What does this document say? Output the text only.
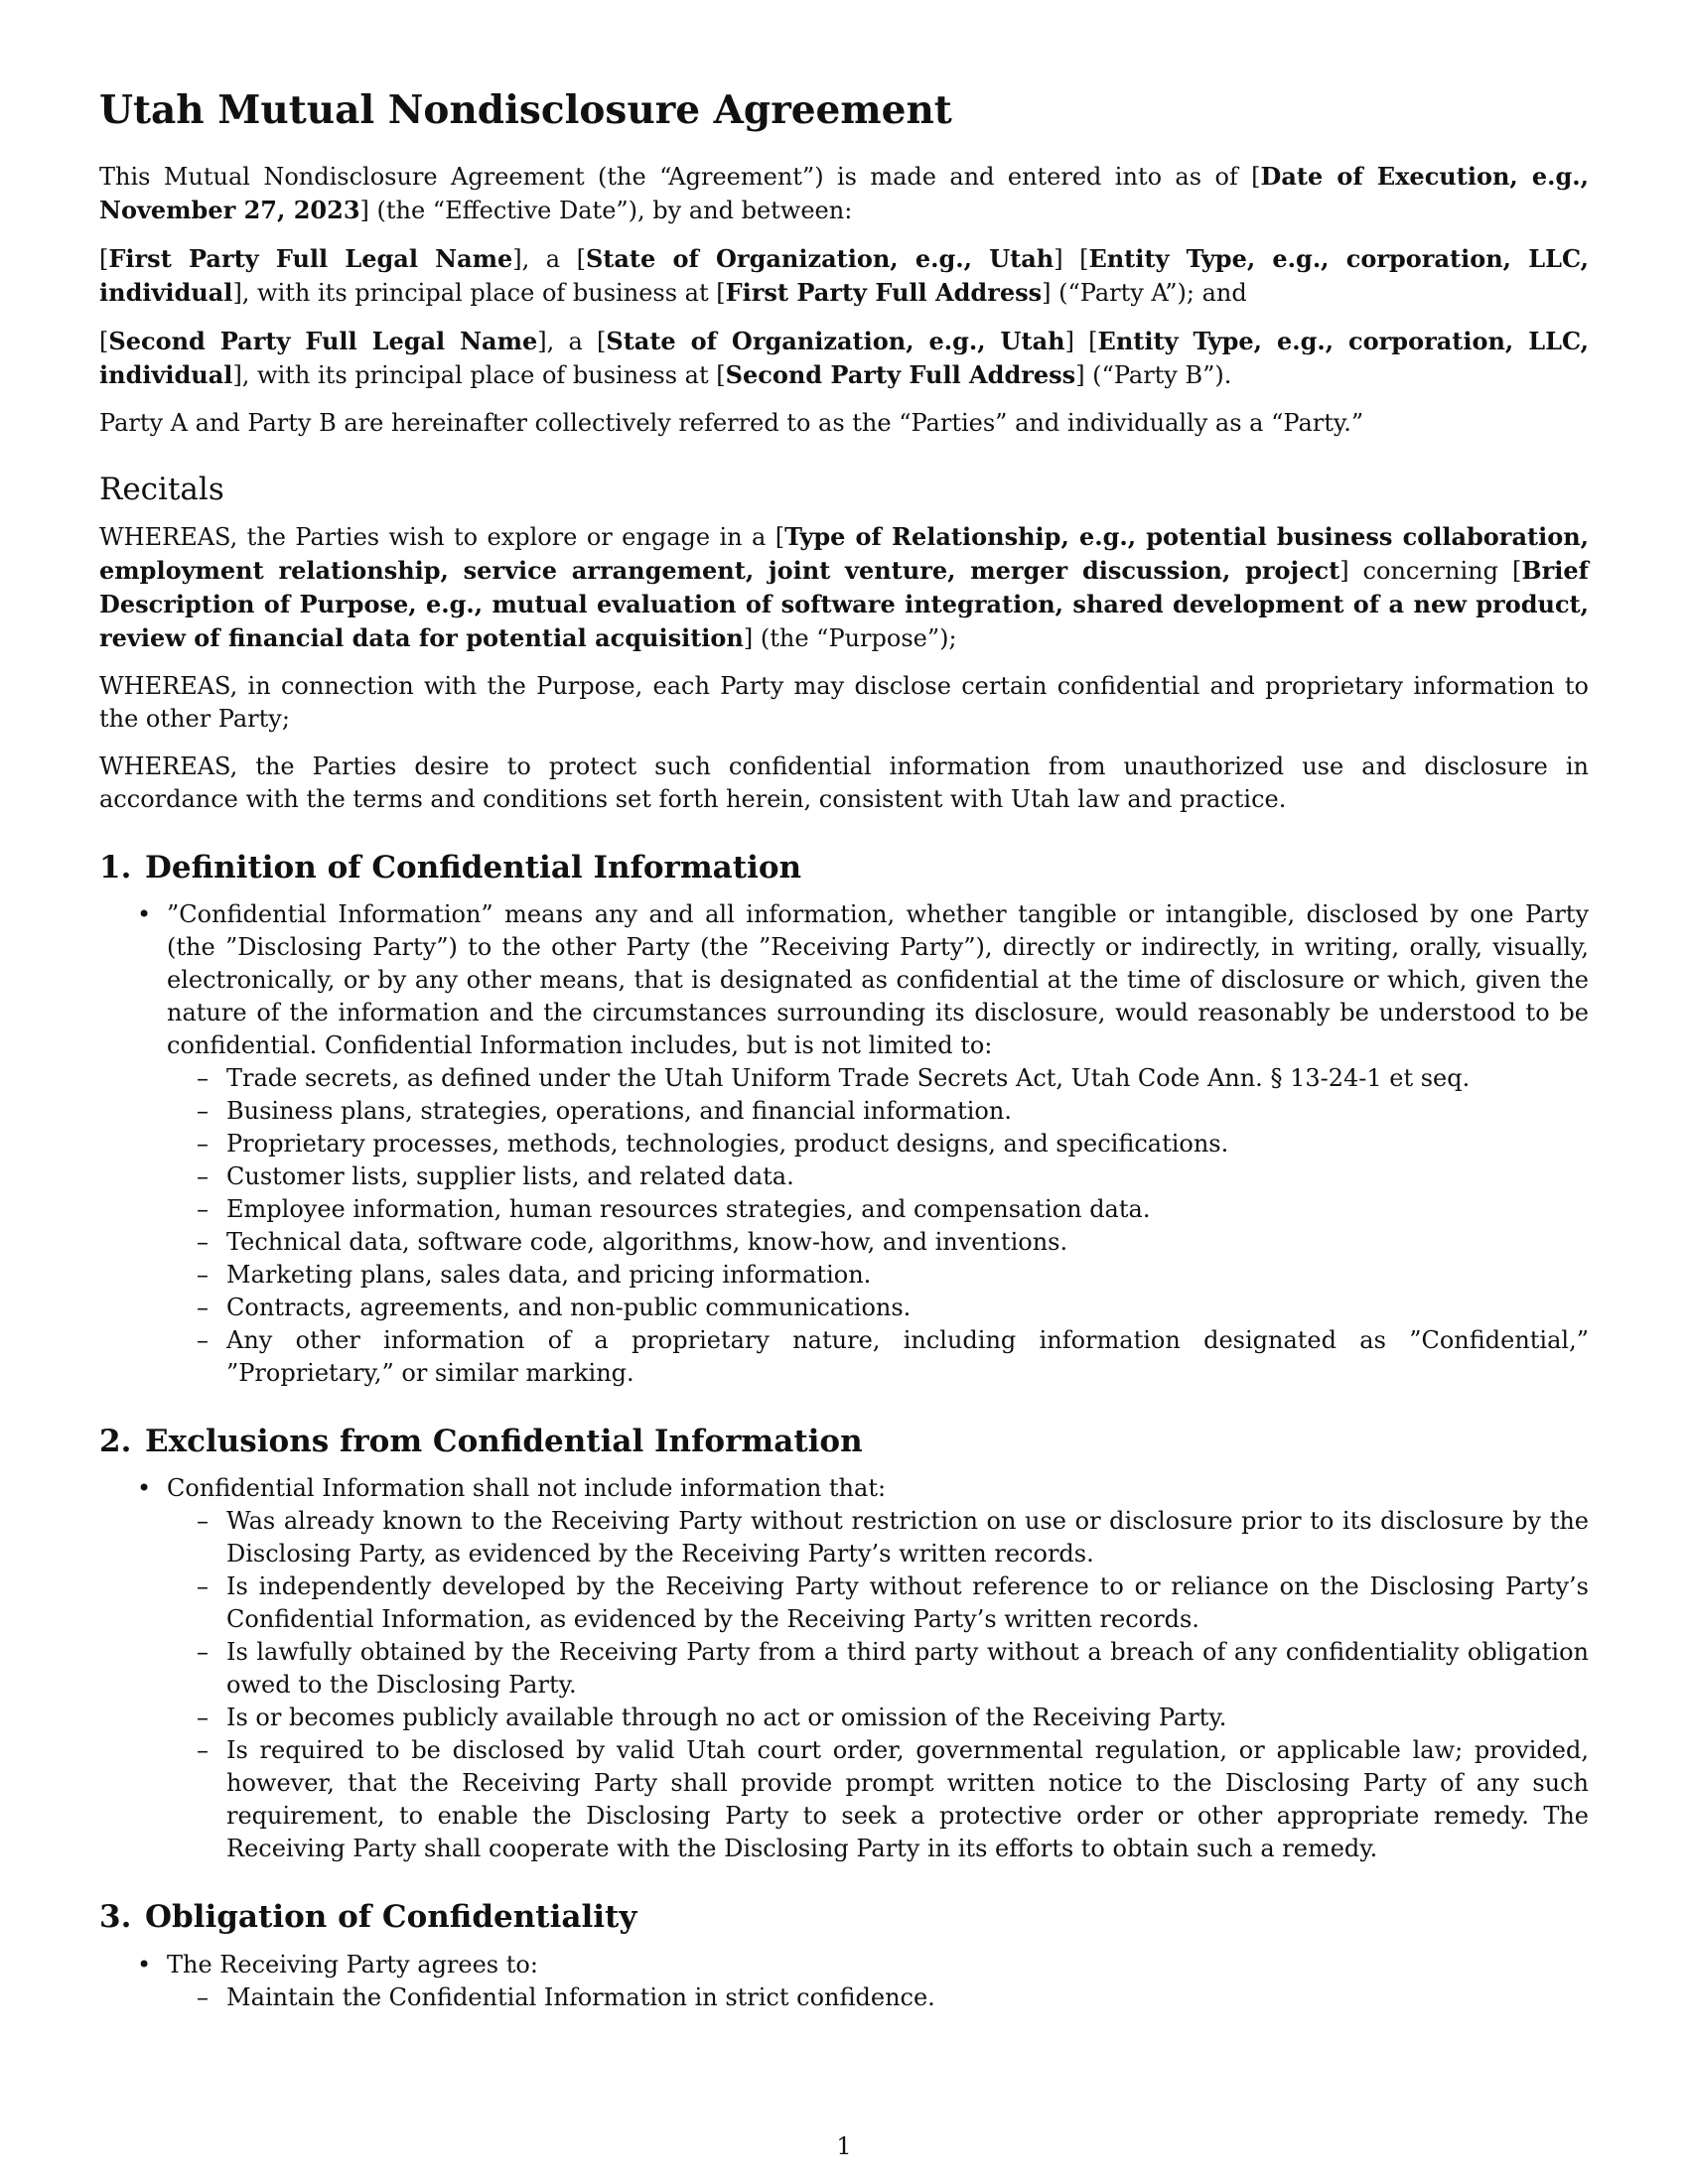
Utah Mutual Nondisclosure Agreement

This Mutual Nondisclosure Agreement (the “Agreement”) is made and entered into as of [Date of Execution, e.g., November 27, 2023] (the “Effective Date”), by and between:

[First Party Full Legal Name], a [State of Organization, e.g., Utah] [Entity Type, e.g., corporation, LLC, individual], with its principal place of business at [First Party Full Address] (“Party A”); and

[Second Party Full Legal Name], a [State of Organization, e.g., Utah] [Entity Type, e.g., corporation, LLC, individual], with its principal place of business at [Second Party Full Address] (“Party B”).

Party A and Party B are hereinafter collectively referred to as the “Parties” and individually as a “Party.”

Recitals

WHEREAS, the Parties wish to explore or engage in a [Type of Relationship, e.g., potential business collaboration, employment relationship, service arrangement, joint venture, merger discussion, project] concerning [Brief Description of Purpose, e.g., mutual evaluation of software integration, shared development of a new product, review of financial data for potential acquisition] (the “Purpose”);

WHEREAS, in connection with the Purpose, each Party may disclose certain confidential and proprietary information to the other Party;

WHEREAS, the Parties desire to protect such confidential information from unauthorized use and disclosure in accordance with the terms and conditions set forth herein, consistent with Utah law and practice.

1. Definition of Confidential Information
• ”Confidential Information” means any and all information, whether tangible or intangible, disclosed by one Party (the ”Disclosing Party”) to the other Party (the ”Receiving Party”), directly or indirectly, in writing, orally, visually, electronically, or by any other means, that is designated as confidential at the time of disclosure or which, given the nature of the information and the circumstances surrounding its disclosure, would reasonably be understood to be confidential. Confidential Information includes, but is not limited to:
– Trade secrets, as defined under the Utah Uniform Trade Secrets Act, Utah Code Ann. § 13-24-1 et seq.
– Business plans, strategies, operations, and financial information.
– Proprietary processes, methods, technologies, product designs, and specifications.
– Customer lists, supplier lists, and related data.
– Employee information, human resources strategies, and compensation data.
– Technical data, software code, algorithms, know-how, and inventions.
– Marketing plans, sales data, and pricing information.
– Contracts, agreements, and non-public communications.
– Any other information of a proprietary nature, including information designated as ”Confidential,” ”Proprietary,” or similar marking.
2. Exclusions from Confidential Information
• Confidential Information shall not include information that:
– Was already known to the Receiving Party without restriction on use or disclosure prior to its disclosure by the Disclosing Party, as evidenced by the Receiving Party’s written records.
– Is independently developed by the Receiving Party without reference to or reliance on the Disclosing Party’s Confidential Information, as evidenced by the Receiving Party’s written records.
– Is lawfully obtained by the Receiving Party from a third party without a breach of any confidentiality obligation owed to the Disclosing Party.
– Is or becomes publicly available through no act or omission of the Receiving Party.
– Is required to be disclosed by valid Utah court order, governmental regulation, or applicable law; provided, however, that the Receiving Party shall provide prompt written notice to the Disclosing Party of any such requirement, to enable the Disclosing Party to seek a protective order or other appropriate remedy. The Receiving Party shall cooperate with the Disclosing Party in its efforts to obtain such a remedy.
3. Obligation of Confidentiality
• The Receiving Party agrees to:
– Maintain the Confidential Information in strict confidence.
1
